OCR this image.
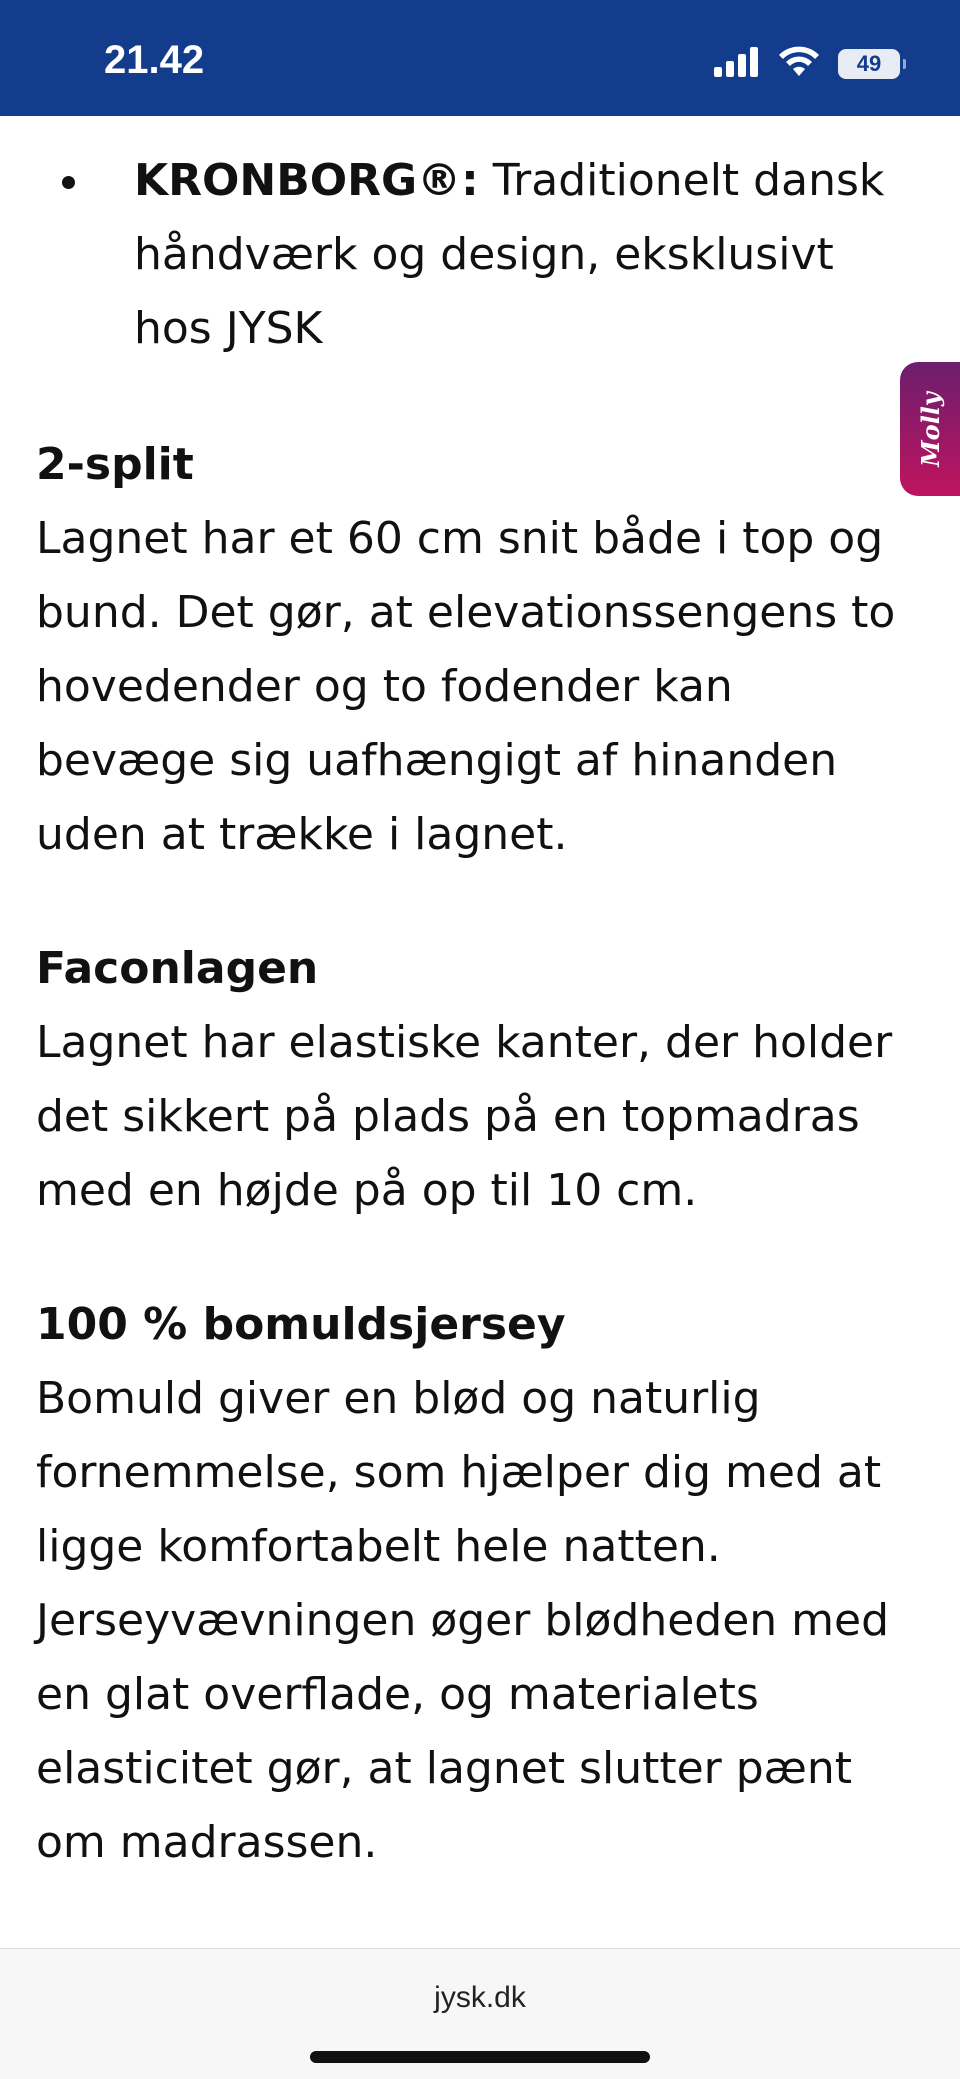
21.42	49
KRONBORG®: Traditionelt dansk håndværk og design, eksklusivt hos JYSK
2-split
Lagnet har et 60 cm snit både i top og bund. Det gør, at elevationssengens to hovedender og to fodender kan bevæge sig uafhængigt af hinanden uden at trække i lagnet.
Faconlagen
Lagnet har elastiske kanter, der holder det sikkert på plads på en topmadras med en højde på op til 10 cm.
100 % bomuldsjersey
Bomuld giver en blød og naturlig fornemmelse, som hjælper dig med at ligge komfortabelt hele natten. Jerseyvævningen øger blødheden med en glat overflade, og materialets elasticitet gør, at lagnet slutter pænt om madrassen.
Molly
jysk.dk
